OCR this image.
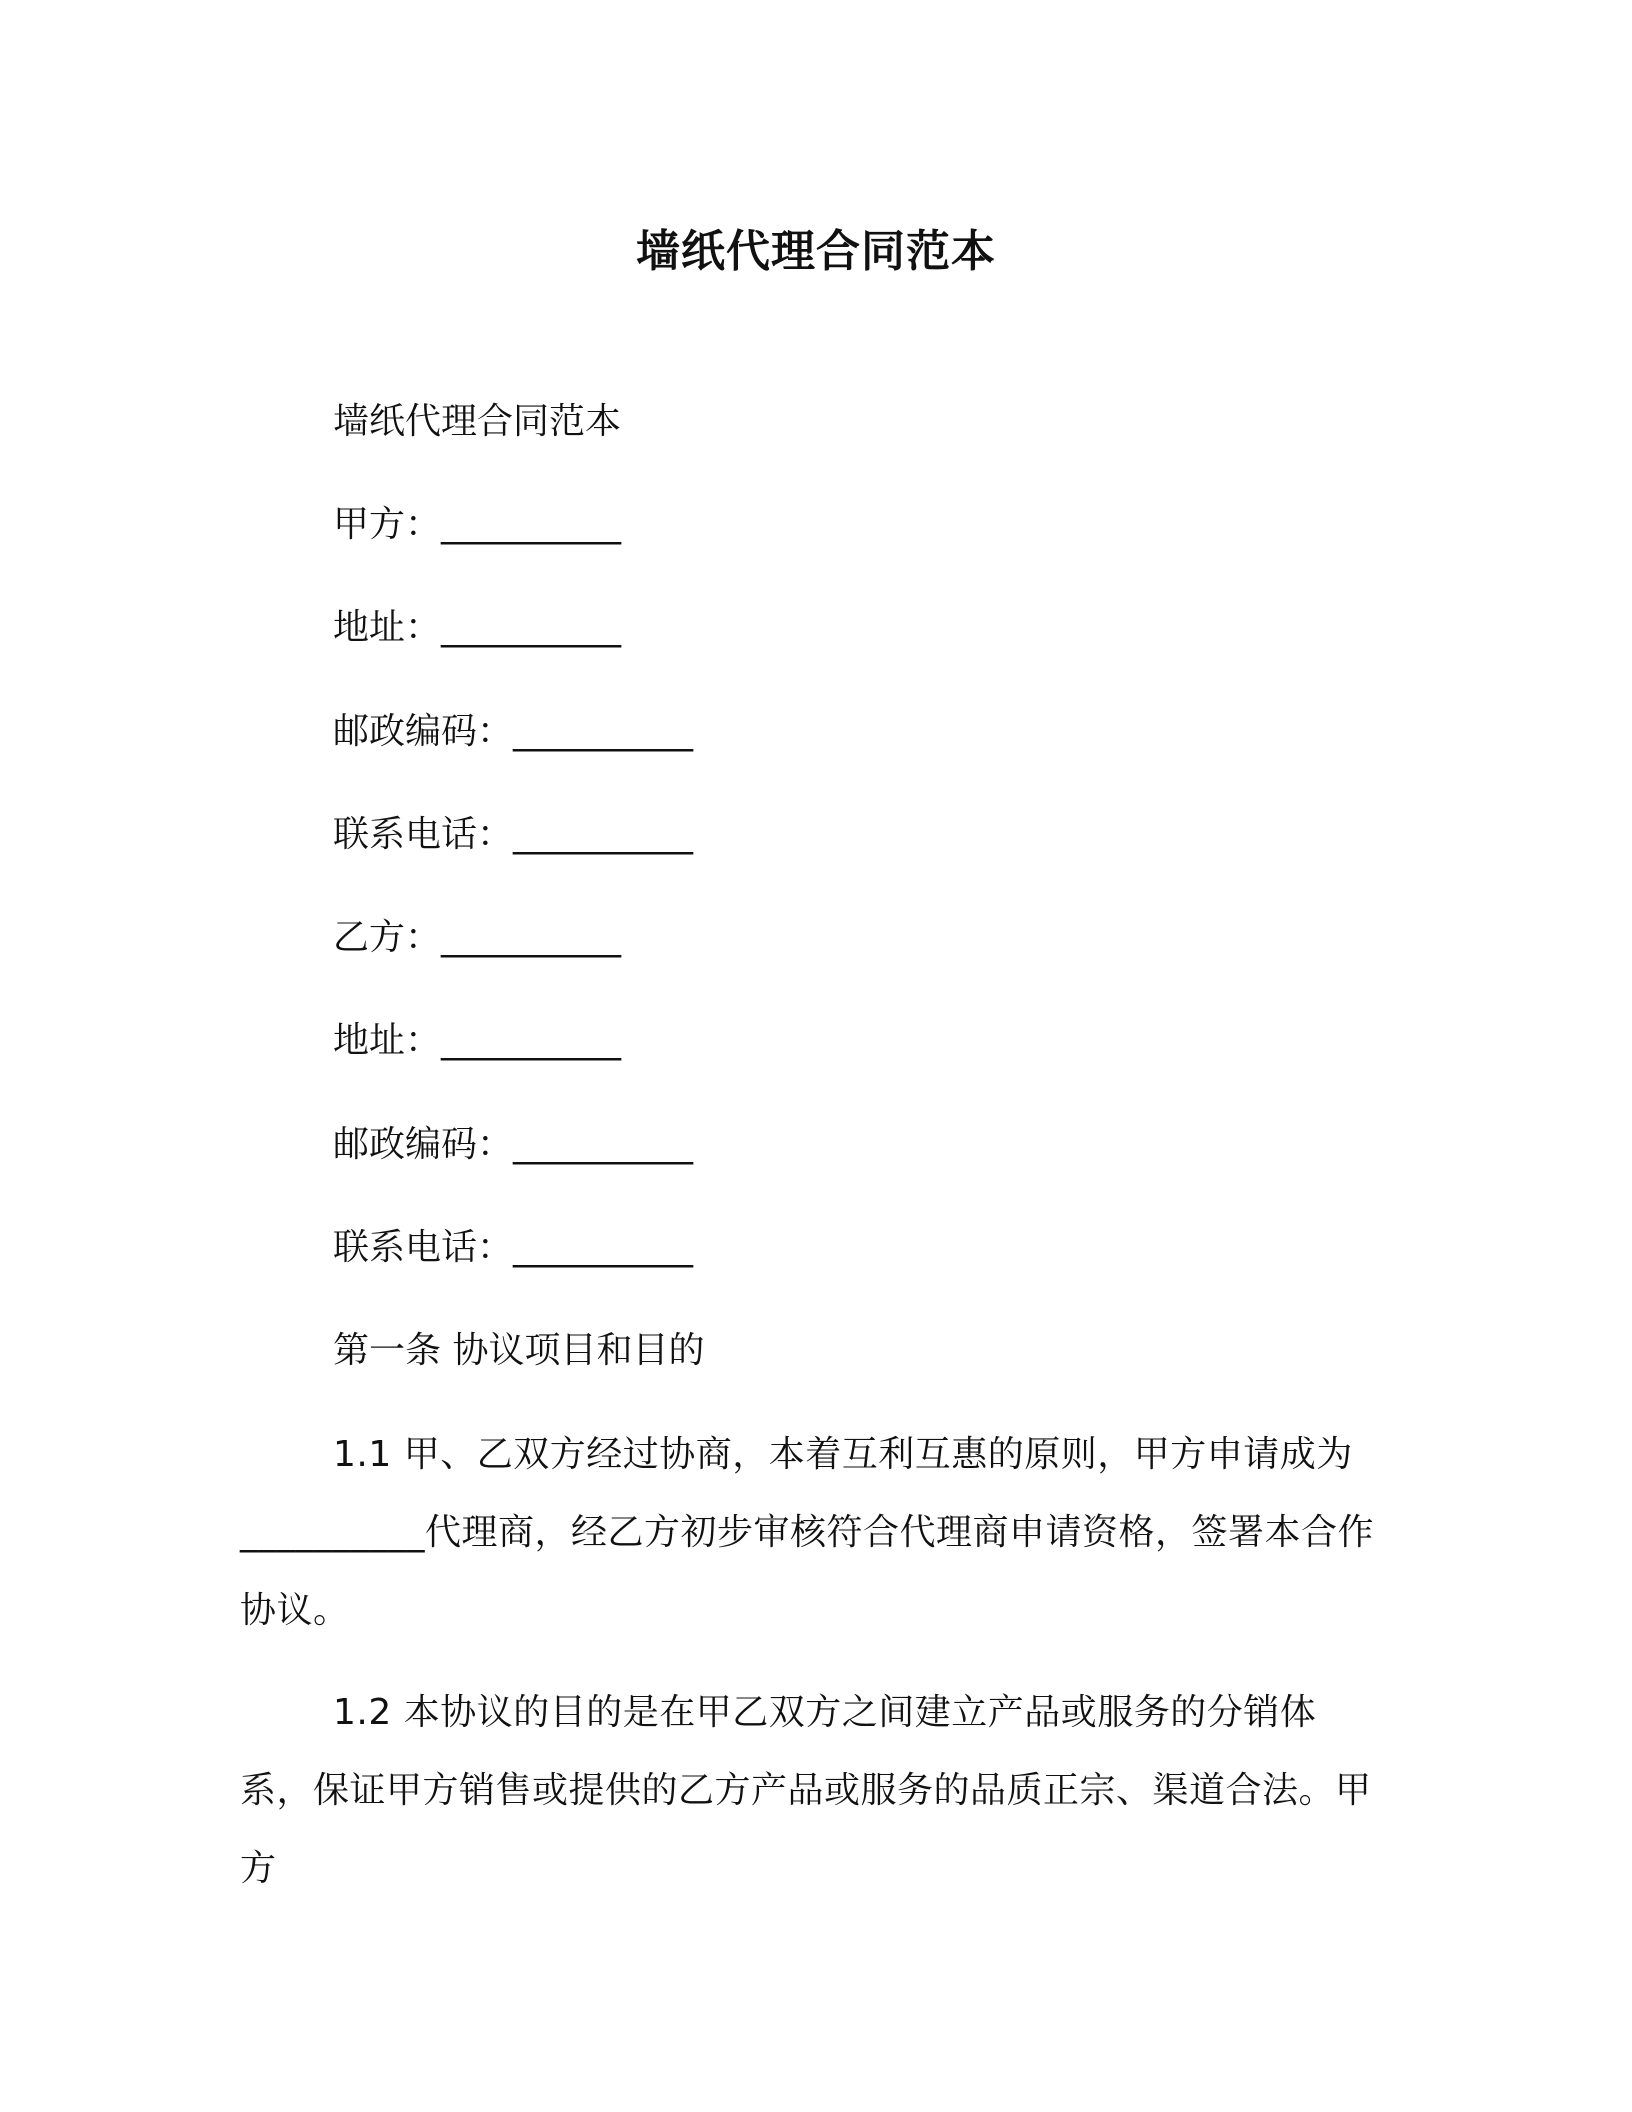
墙纸代理合同范本
墙纸代理合同范本
甲方：__________
地址：__________
邮政编码：__________
联系电话：__________
乙方：__________
地址：__________
邮政编码：__________
联系电话：__________
第一条 协议项目和目的
1.1 甲、乙双方经过协商，本着互利互惠的原则，甲方申请成为__________代理商，经乙方初步审核符合代理商申请资格，签署本合作协议。
1.2 本协议的目的是在甲乙双方之间建立产品或服务的分销体系，保证甲方销售或提供的乙方产品或服务的品质正宗、渠道合法。甲方
